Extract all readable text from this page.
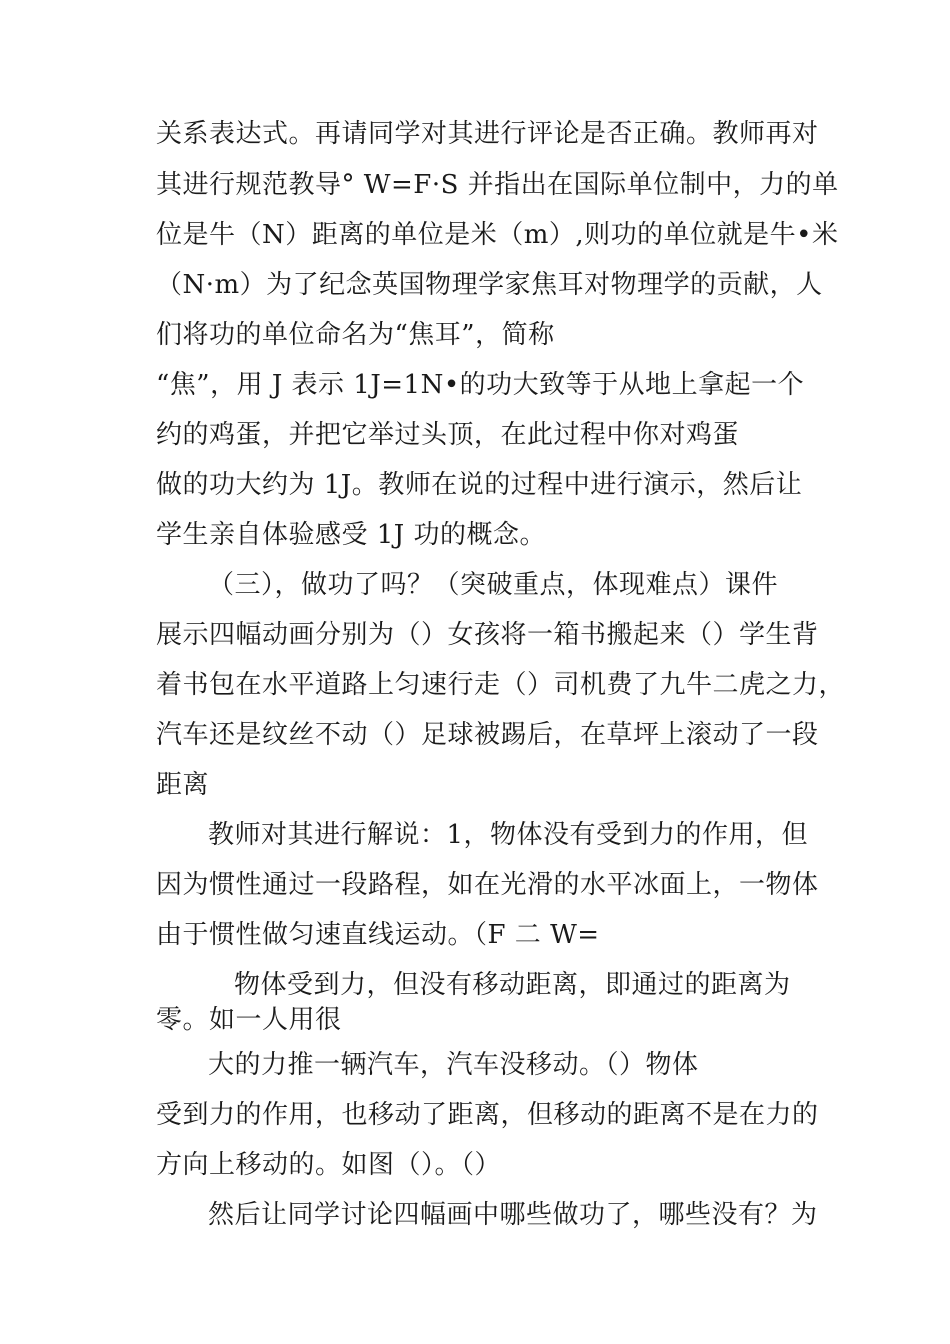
关系表达式。再请同学对其进行评论是否正确。教师再对
其进行规范教导° W=F·S 并指出在国际单位制中，力的单
位是牛（N）距离的单位是米（m）,则功的单位就是牛•米
（N·m）为了纪念英国物理学家焦耳对物理学的贡献，人
们将功的单位命名为“焦耳”，简称
“焦”，用 J 表示 1J=1N•的功大致等于从地上拿起一个
约的鸡蛋，并把它举过头顶，在此过程中你对鸡蛋
做的功大约为 1J。教师在说的过程中进行演示，然后让
学生亲自体验感受 1J 功的概念。
（三），做功了吗？（突破重点，体现难点）课件
展示四幅动画分别为（）女孩将一箱书搬起来（）学生背
着书包在水平道路上匀速行走（）司机费了九牛二虎之力，
汽车还是纹丝不动（）足球被踢后，在草坪上滚动了一段
距离
教师对其进行解说：1，物体没有受到力的作用，但
因为惯性通过一段路程，如在光滑的水平冰面上，一物体
由于惯性做匀速直线运动。（F 二 W=
物体受到力，但没有移动距离，即通过的距离为
零。如一人用很
大的力推一辆汽车，汽车没移动。（）物体
受到力的作用，也移动了距离，但移动的距离不是在力的
方向上移动的。如图（）。（）
然后让同学讨论四幅画中哪些做功了，哪些没有？为
